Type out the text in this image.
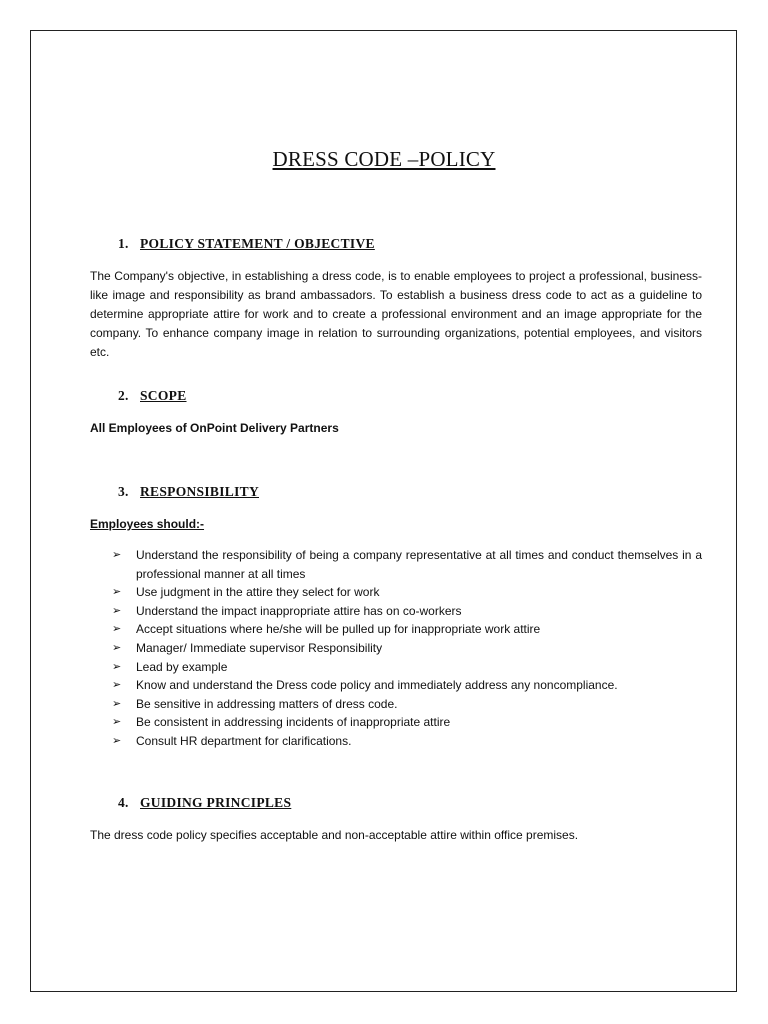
DRESS CODE –POLICY
1. POLICY STATEMENT / OBJECTIVE
The Company's objective, in establishing a dress code, is to enable employees to project a professional, business-like image and responsibility as brand ambassadors. To establish a business dress code to act as a guideline to determine appropriate attire for work and to create a professional environment and an image appropriate for the company. To enhance company image in relation to surrounding organizations, potential employees, and visitors etc.
2. SCOPE
All Employees of OnPoint Delivery Partners
3. RESPONSIBILITY
Employees should:-
➢ Understand the responsibility of being a company representative at all times and conduct themselves in a professional manner at all times
➢ Use judgment in the attire they select for work
➢ Understand the impact inappropriate attire has on co-workers
➢ Accept situations where he/she will be pulled up for inappropriate work attire
➢ Manager/ Immediate supervisor Responsibility
➢ Lead by example
➢ Know and understand the Dress code policy and immediately address any noncompliance.
➢ Be sensitive in addressing matters of dress code.
➢ Be consistent in addressing incidents of inappropriate attire
➢ Consult HR department for clarifications.
4. GUIDING PRINCIPLES
The dress code policy specifies acceptable and non-acceptable attire within office premises.
